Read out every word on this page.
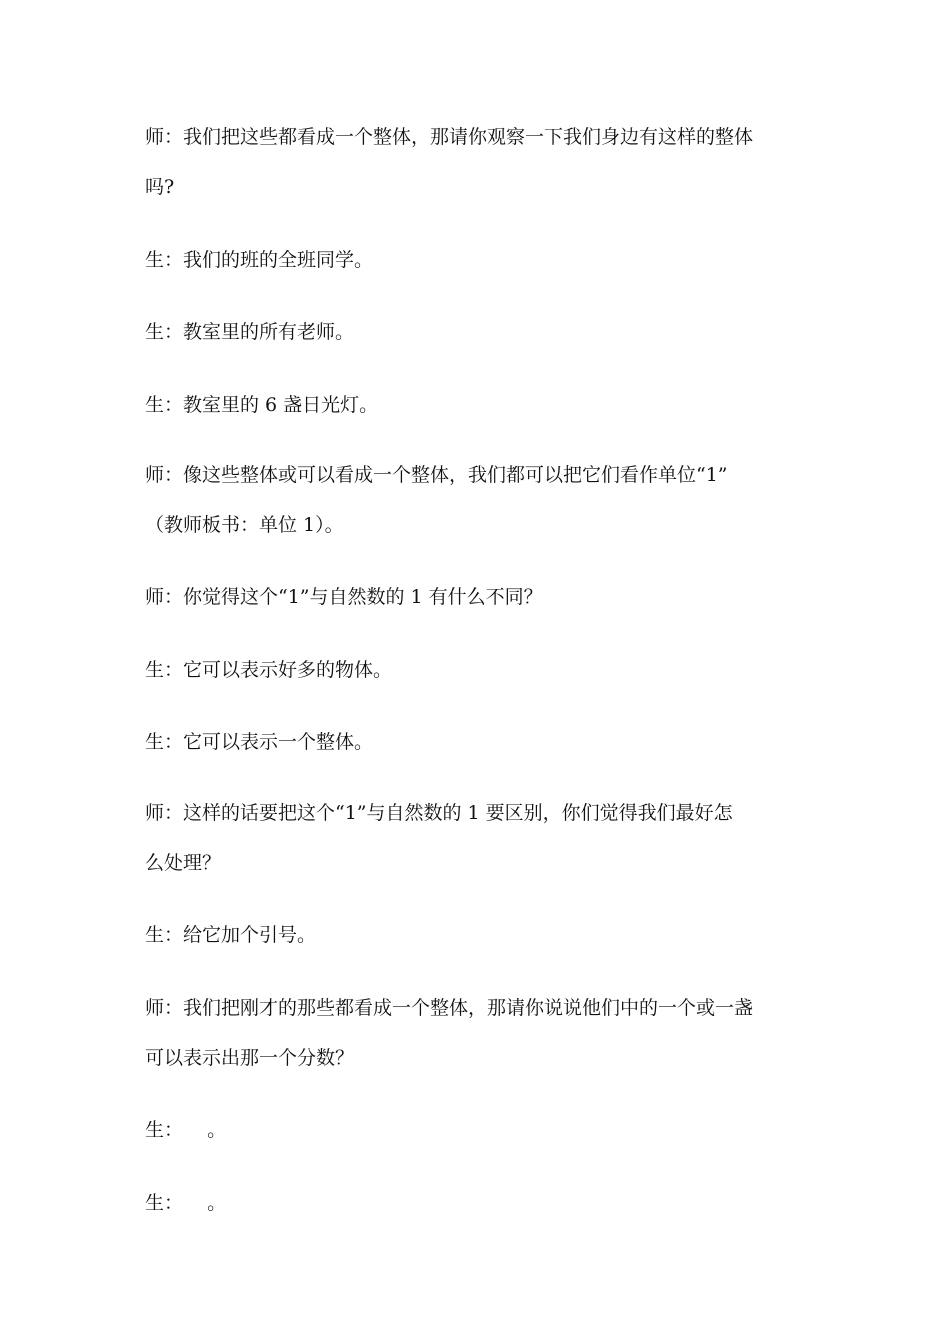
师：我们把这些都看成一个整体，那请你观察一下我们身边有这样的整体
吗?
生：我们的班的全班同学。
生：教室里的所有老师。
生：教室里的 6 盏日光灯。
师：像这些整体或可以看成一个整体，我们都可以把它们看作单位“1”
（教师板书：单位 1）。
师：你觉得这个“1”与自然数的 1 有什么不同？
生：它可以表示好多的物体。
生：它可以表示一个整体。
师：这样的话要把这个“1”与自然数的 1 要区别，你们觉得我们最好怎
么处理？
生：给它加个引号。
师：我们把刚才的那些都看成一个整体，那请你说说他们中的一个或一盏
可以表示出那一个分数？
生：    。
生：    。
